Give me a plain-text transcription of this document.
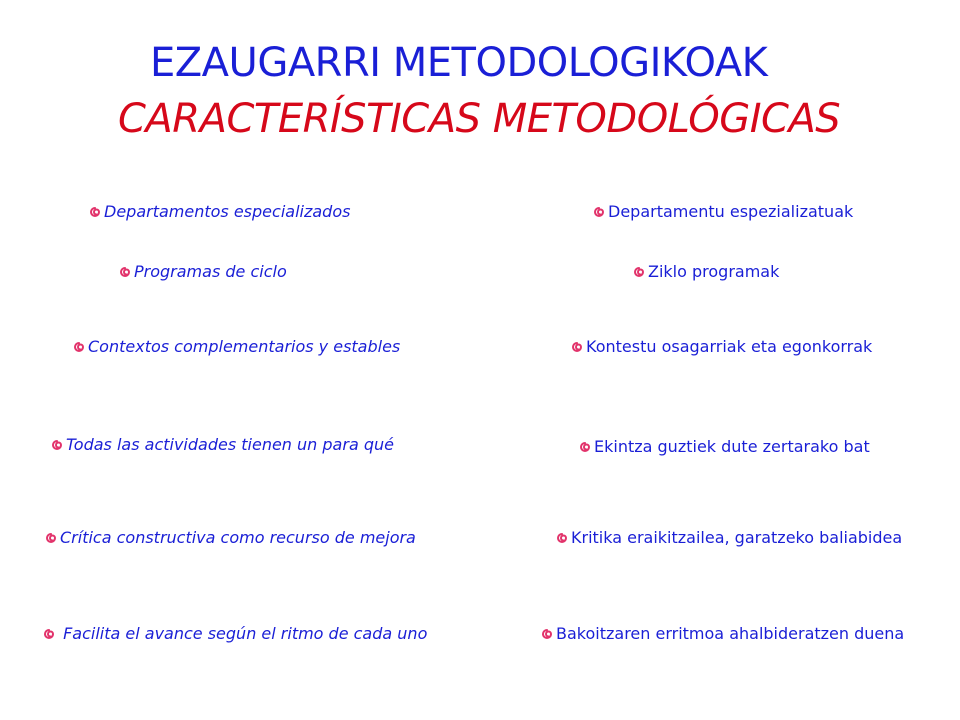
EZAUGARRI METODOLOGIKOAK
CARACTERÍSTICAS METODOLÓGICAS
Departamentos especializados	Departamentu espezializatuak
Programas de ciclo	Ziklo programak
Contextos complementarios y estables	Kontestu osagarriak eta egonkorrak
Todas las actividades tienen un para qué	Ekintza guztiek dute zertarako bat
Crítica constructiva como recurso de mejora	Kritika eraikitzailea, garatzeko baliabidea
Facilita el avance según el ritmo de cada uno	Bakoitzaren erritmoa ahalbideratzen duena
